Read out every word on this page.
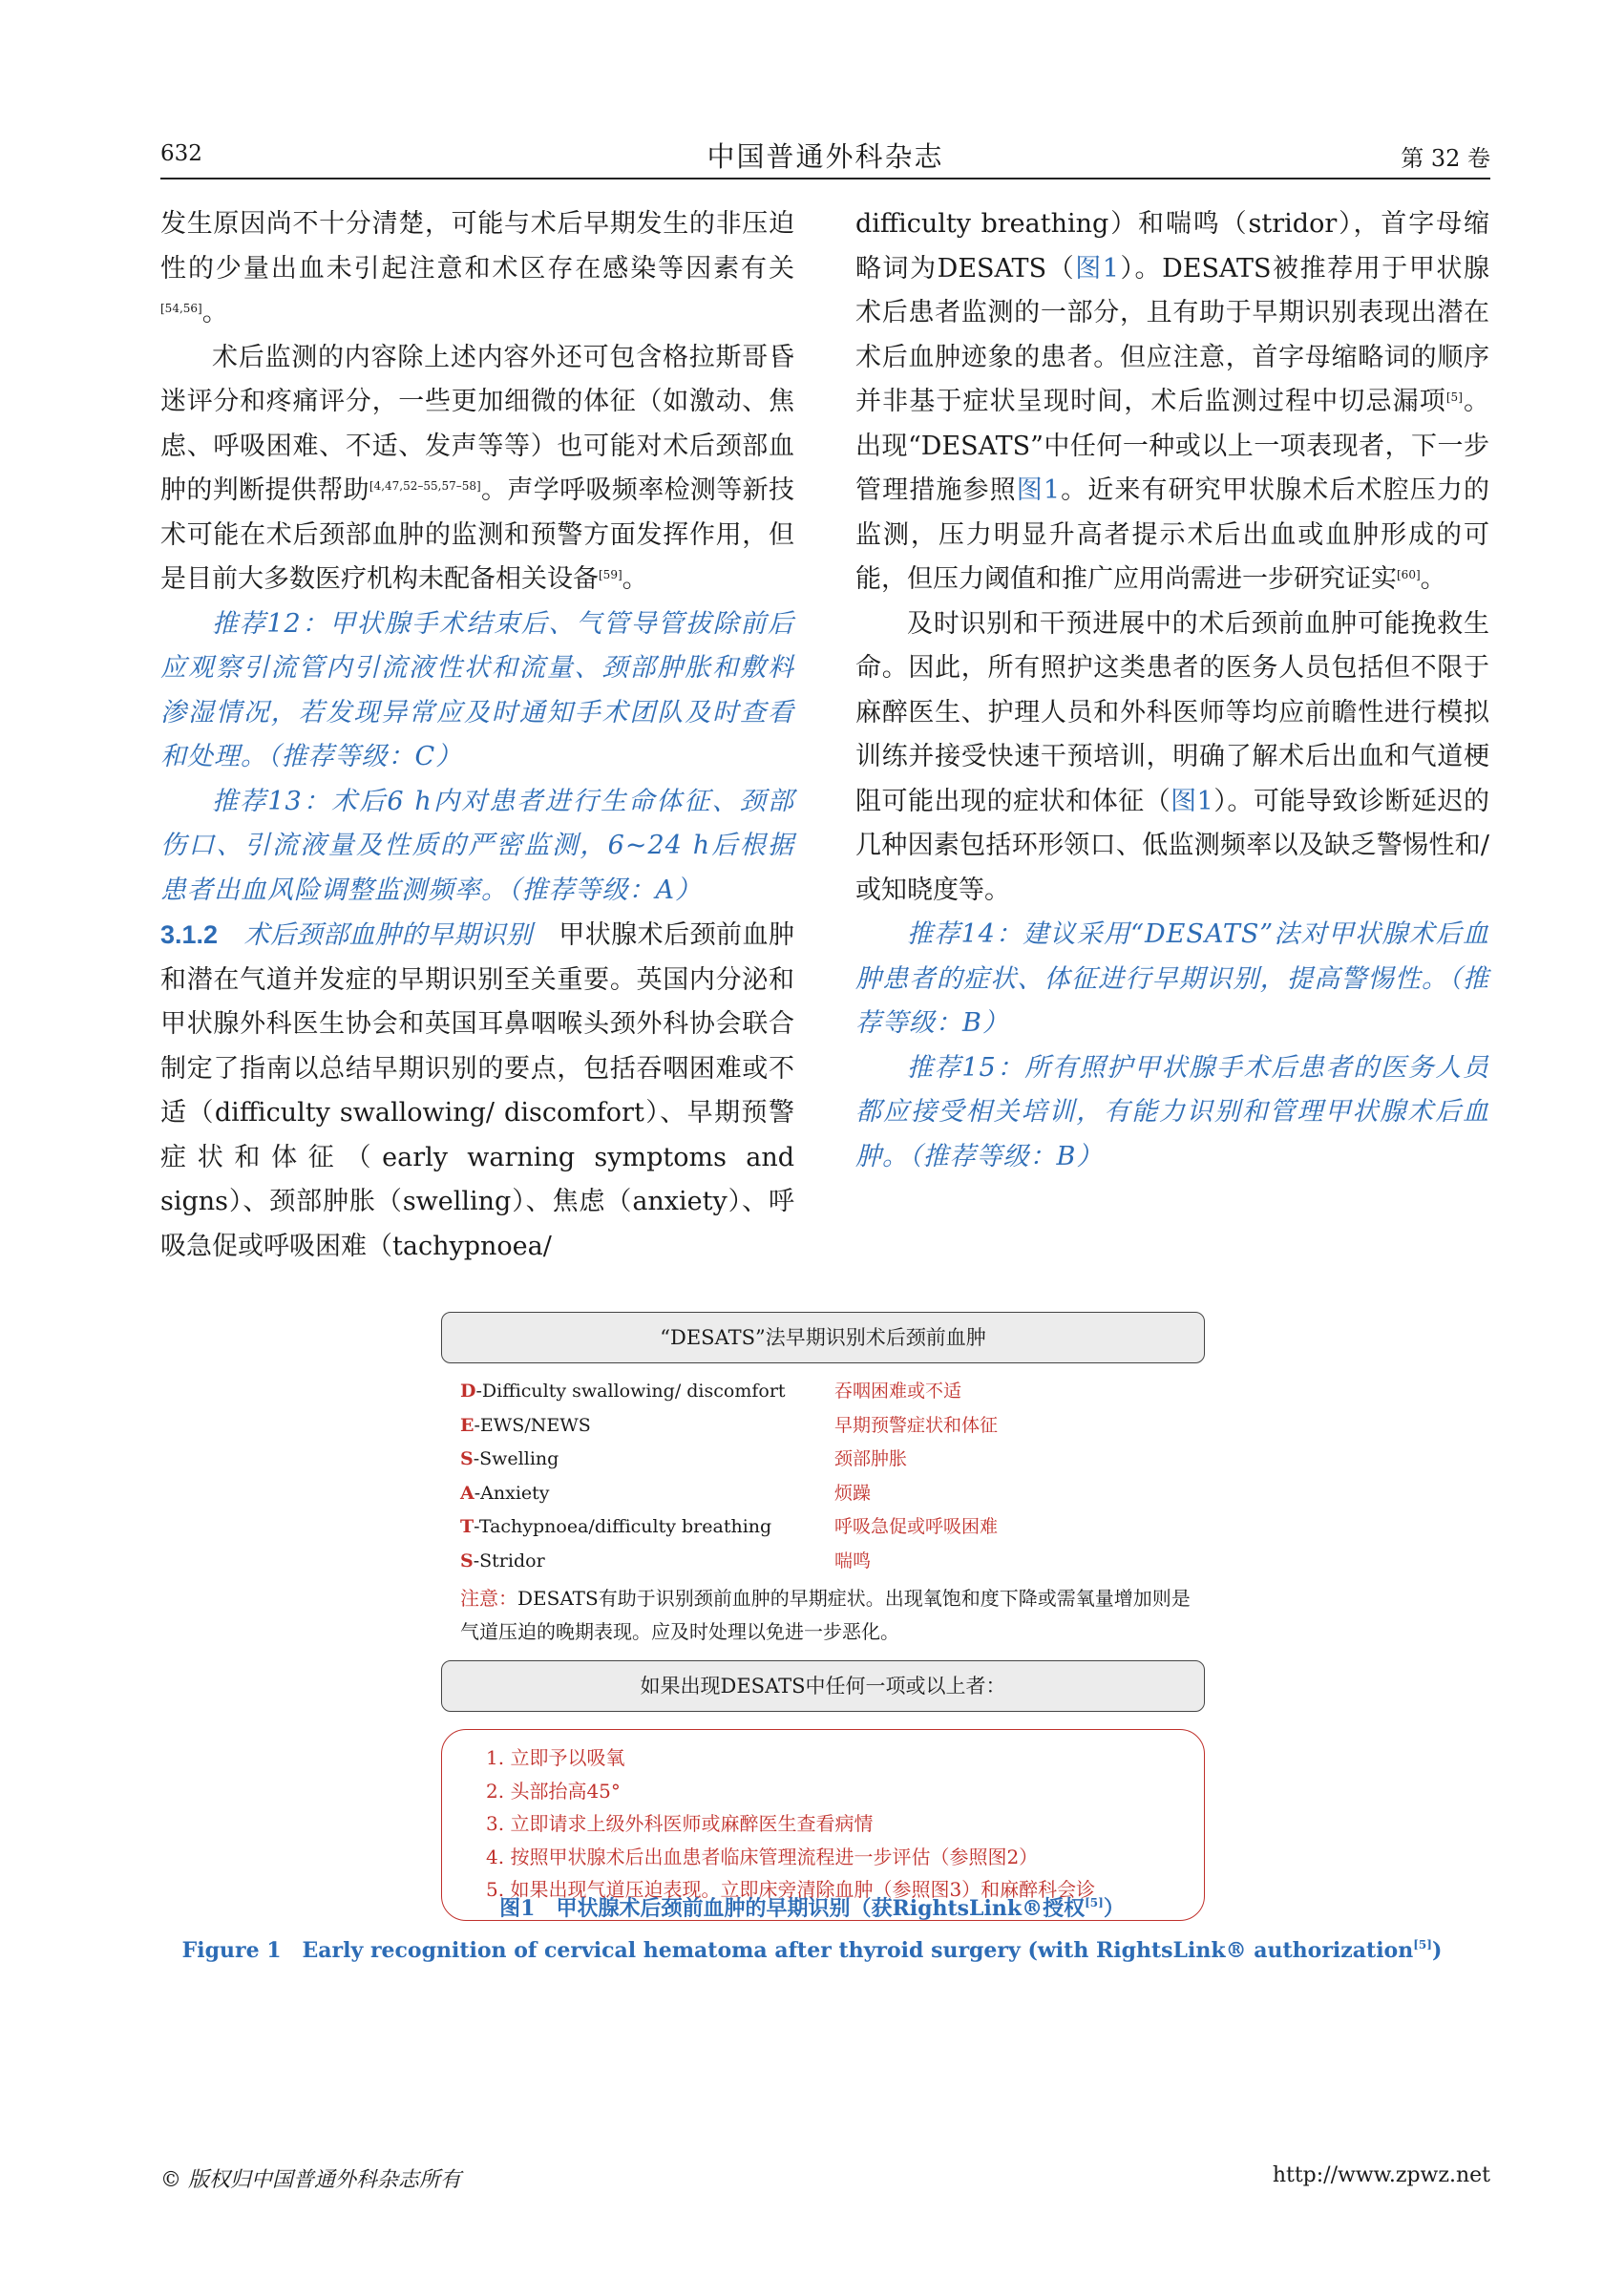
632	中国普通外科杂志	第 32 卷

发生原因尚不十分清楚，可能与术后早期发生的非压迫性的少量出血未引起注意和术区存在感染等因素有关[54,56]。

术后监测的内容除上述内容外还可包含格拉斯哥昏迷评分和疼痛评分，一些更加细微的体征（如激动、焦虑、呼吸困难、不适、发声等等）也可能对术后颈部血肿的判断提供帮助[4,47,52–55,57–58]。声学呼吸频率检测等新技术可能在术后颈部血肿的监测和预警方面发挥作用，但是目前大多数医疗机构未配备相关设备[59]。

推荐12：甲状腺手术结束后、气管导管拔除前后应观察引流管内引流液性状和流量、颈部肿胀和敷料渗湿情况，若发现异常应及时通知手术团队及时查看和处理。（推荐等级：C）

推荐13：术后6 h内对患者进行生命体征、颈部伤口、引流液量及性质的严密监测，6~24 h后根据患者出血风险调整监测频率。（推荐等级：A）

3.1.2  术后颈部血肿的早期识别  甲状腺术后颈前血肿和潜在气道并发症的早期识别至关重要。英国内分泌和甲状腺外科医生协会和英国耳鼻咽喉头颈外科协会联合制定了指南以总结早期识别的要点，包括吞咽困难或不适（difficulty swallowing/ discomfort）、早期预警症状和体征（early warning symptoms and signs）、颈部肿胀（swelling）、焦虑（anxiety）、呼吸急促或呼吸困难（tachypnoea/

difficulty breathing）和喘鸣（stridor），首字母缩略词为DESATS（图1）。DESATS被推荐用于甲状腺术后患者监测的一部分，且有助于早期识别表现出潜在术后血肿迹象的患者。但应注意，首字母缩略词的顺序并非基于症状呈现时间，术后监测过程中切忌漏项[5]。出现“DESATS”中任何一种或以上一项表现者，下一步管理措施参照图1。近来有研究甲状腺术后术腔压力的监测，压力明显升高者提示术后出血或血肿形成的可能，但压力阈值和推广应用尚需进一步研究证实[60]。

及时识别和干预进展中的术后颈前血肿可能挽救生命。因此，所有照护这类患者的医务人员包括但不限于麻醉医生、护理人员和外科医师等均应前瞻性进行模拟训练并接受快速干预培训，明确了解术后出血和气道梗阻可能出现的症状和体征（图1）。可能导致诊断延迟的几种因素包括环形领口、低监测频率以及缺乏警惕性和/或知晓度等。

推荐14：建议采用“DESATS”法对甲状腺术后血肿患者的症状、体征进行早期识别，提高警惕性。（推荐等级：B）

推荐15：所有照护甲状腺手术后患者的医务人员都应接受相关培训，有能力识别和管理甲状腺术后血肿。（推荐等级：B）

“DESATS”法早期识别术后颈前血肿
D-Difficulty swallowing/ discomfort	吞咽困难或不适
E-EWS/NEWS	早期预警症状和体征
S-Swelling	颈部肿胀
A-Anxiety	烦躁
T-Tachypnoea/difficulty breathing	呼吸急促或呼吸困难
S-Stridor	喘鸣
注意：DESATS有助于识别颈前血肿的早期症状。出现氧饱和度下降或需氧量增加则是气道压迫的晚期表现。应及时处理以免进一步恶化。
如果出现DESATS中任何一项或以上者：
1. 立即予以吸氧
2. 头部抬高45°
3. 立即请求上级外科医师或麻醉医生查看病情
4. 按照甲状腺术后出血患者临床管理流程进一步评估（参照图2）
5. 如果出现气道压迫表现。立即床旁清除血肿（参照图3）和麻醉科会诊
图1　甲状腺术后颈前血肿的早期识别（获RightsLink®授权[5]）
Figure 1　Early recognition of cervical hematoma after thyroid surgery (with RightsLink® authorization[5])
© 版权归中国普通外科杂志所有	http://www.zpwz.net
